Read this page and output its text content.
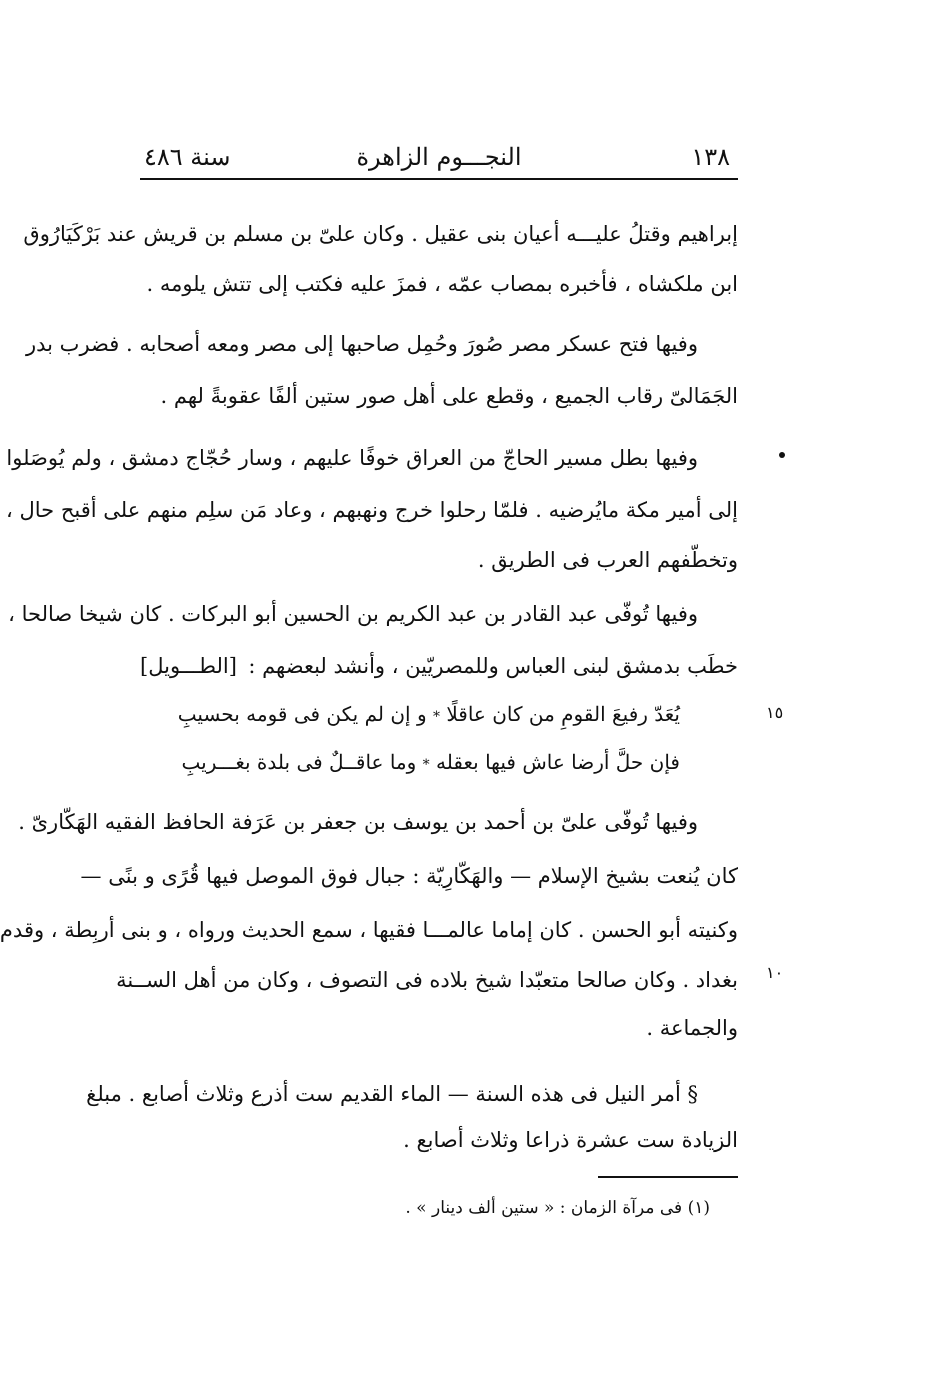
١٣٨
النجـــوم الزاهرة
سنة ٤٨٦
١٥
١٠
إبراهيم وقتلُ عليـــه أعيان بنى عقيل . وكان علىّ بن مسلم بن قريش عند بَرْكَيَارُوق
ابن ملكشاه ، فأخبره بمصاب عمّه ، فمزَ عليه فكتب إلى تتش يلومه .
وفيها فتح عسكر مصر صُورَ وحُمِل صاحبها إلى مصر ومعه أصحابه . فضرب بدر
الجَمَالىّ رقاب الجميع ، وقطع على أهل صور ستين ألفًا عقوبةً لهم .
وفيها بطل مسير الحاجّ من العراق خوفًا عليهم ، وسار حُجّاج دمشق ، ولم يُوصَلوا
إلى أمير مكة مايُرضيه . فلمّا رحلوا خرج ونهبهم ، وعاد مَن سلِم منهم على أقبح حال ،
وتخطّفهم العرب فى الطريق .
وفيها تُوفّى عبد القادر بن عبد الكريم بن الحسين أبو البركات . كان شيخا صالحا ،
خطَب بدمشق لبنى العباس وللمصريّين ، وأنشد لبعضهم :
[الطـــويل]
يُعَدّ رفيعَ القومِ من كان عاقلًا * و إن لم يكن فى قومه بحسيبِ
فإن حلَّ أرضا عاش فيها بعقله * وما عاقــلٌ فى بلدة بغـــريبِ
وفيها تُوفّى علىّ بن أحمد بن يوسف بن جعفر بن عَرَفة الحافظ الفقيه الهَكّارىّ .
كان يُنعت بشيخ الإسلام — والهَكّارِيّة : جبال فوق الموصل فيها قُرًى و بنًى —
وكنيته أبو الحسن . كان إماما عالمـــا فقيها ، سمع الحديث ورواه ، و بنى أربِطة ، وقدم
بغداد . وكان صالحا متعبّدا شيخ بلاده فى التصوف ، وكان من أهل الســنة
والجماعة .
§ أمر النيل فى هذه السنة — الماء القديم ست أذرع وثلاث أصابع . مبلغ
الزيادة ست عشرة ذراعا وثلاث أصابع .
(١) فى مرآة الزمان : « ستين ألف دينار » .
